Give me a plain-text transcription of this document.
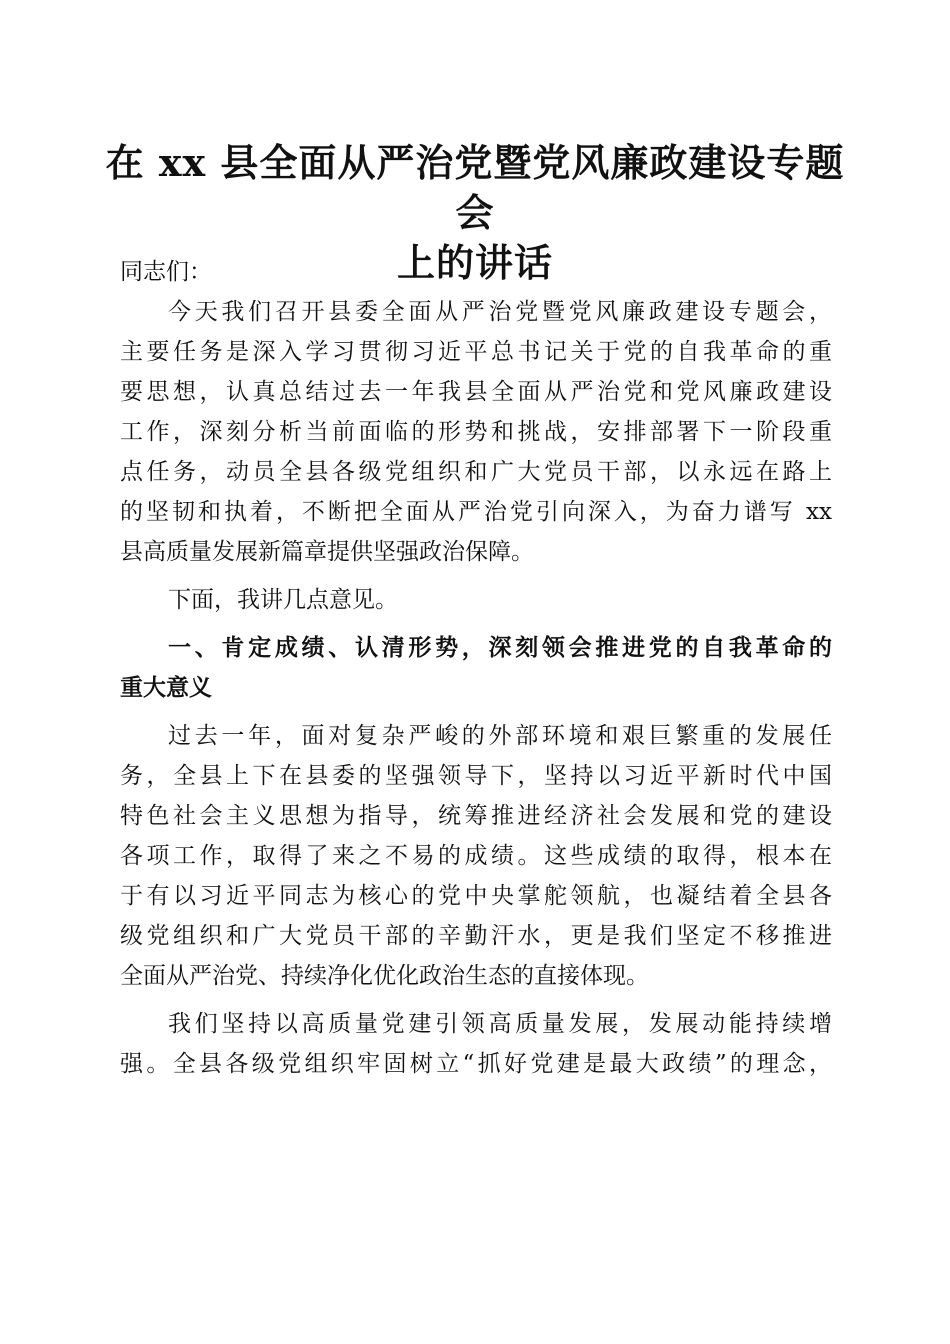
在 xx 县全面从严治党暨党风廉政建设专题会
上的讲话
同志们：
今天我们召开县委全面从严治党暨党风廉政建设专题会，
主要任务是深入学习贯彻习近平总书记关于党的自我革命的重
要思想，认真总结过去一年我县全面从严治党和党风廉政建设
工作，深刻分析当前面临的形势和挑战，安排部署下一阶段重
点任务，动员全县各级党组织和广大党员干部，以永远在路上
的坚韧和执着，不断把全面从严治党引向深入，为奋力谱写 xx
县高质量发展新篇章提供坚强政治保障。
下面，我讲几点意见。
一、肯定成绩、认清形势，深刻领会推进党的自我革命的
重大意义
过去一年，面对复杂严峻的外部环境和艰巨繁重的发展任
务，全县上下在县委的坚强领导下，坚持以习近平新时代中国
特色社会主义思想为指导，统筹推进经济社会发展和党的建设
各项工作，取得了来之不易的成绩。这些成绩的取得，根本在
于有以习近平同志为核心的党中央掌舵领航，也凝结着全县各
级党组织和广大党员干部的辛勤汗水，更是我们坚定不移推进
全面从严治党、持续净化优化政治生态的直接体现。
我们坚持以高质量党建引领高质量发展，发展动能持续增
强。全县各级党组织牢固树立“抓好党建是最大政绩”的理念，
